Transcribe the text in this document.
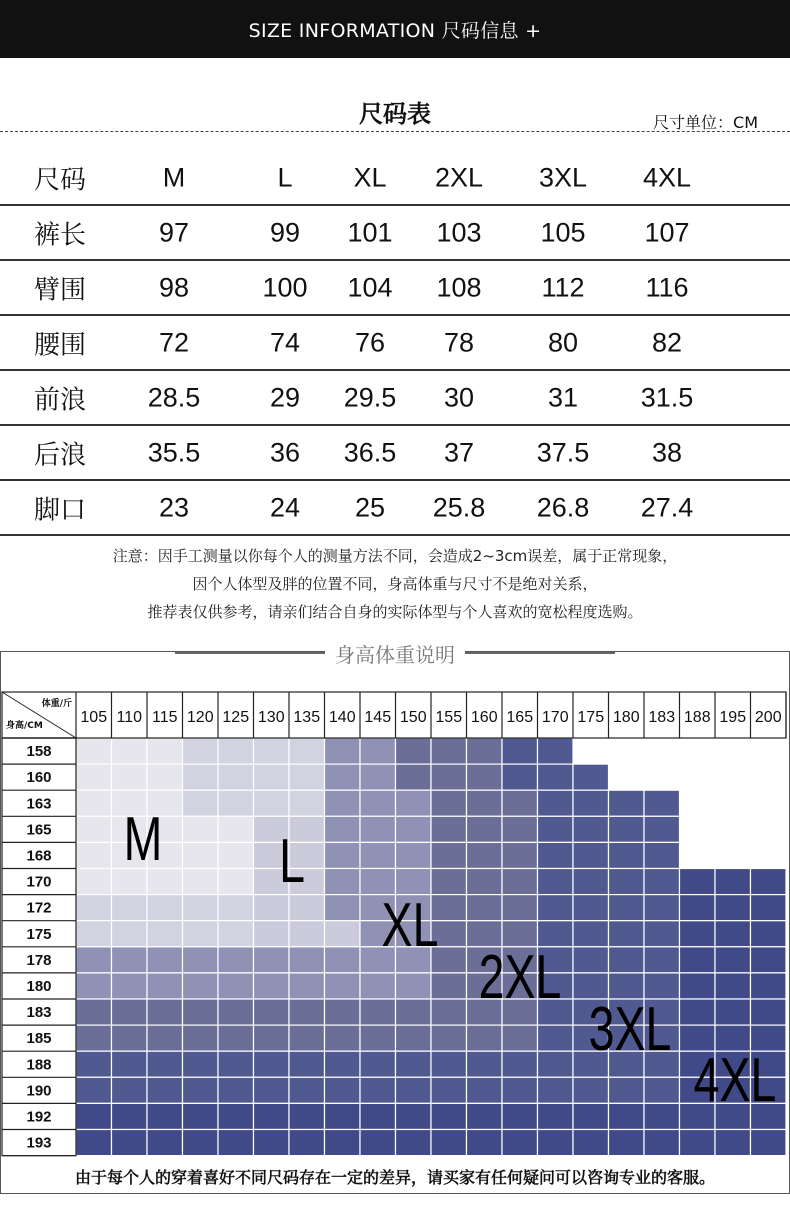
SIZE INFORMATION 尺码信息 +
尺码表	尺寸单位：CM
尺码	M	L XL 2XL 3XL 4XL
裤长	97	99 101 103 105 107
臂围	98	100 104 108 112 116
腰围	72	74 76 78	80	82
前浪 28.5	29 29.5 30	31 31.5
后浪 35.5	36 36.5 37 37.5 38
脚口	23	24 25 25.8 26.8 27.4
注意：因手工测量以你每个人的测量方法不同，会造成2~3cm误差，属于正常现象，
因个人体型及胖的位置不同，身高体重与尺寸不是绝对关系，
推荐表仅供参考，请亲们结合自身的实际体型与个人喜欢的宽松程度选购。
身高体重说明
体重/斤
身高/CM 105 110 115 120 125 130 135 140 145 150 155 160 165 170 175 180 183 188 195 200
158
160
163
165
168
170
172
175
178
180
183
185
188
190
192
193
M L
XL
2XL
3XL
4XL
由于每个人的穿着喜好不同尺码存在一定的差异，请买家有任何疑问可以咨询专业的客服。
